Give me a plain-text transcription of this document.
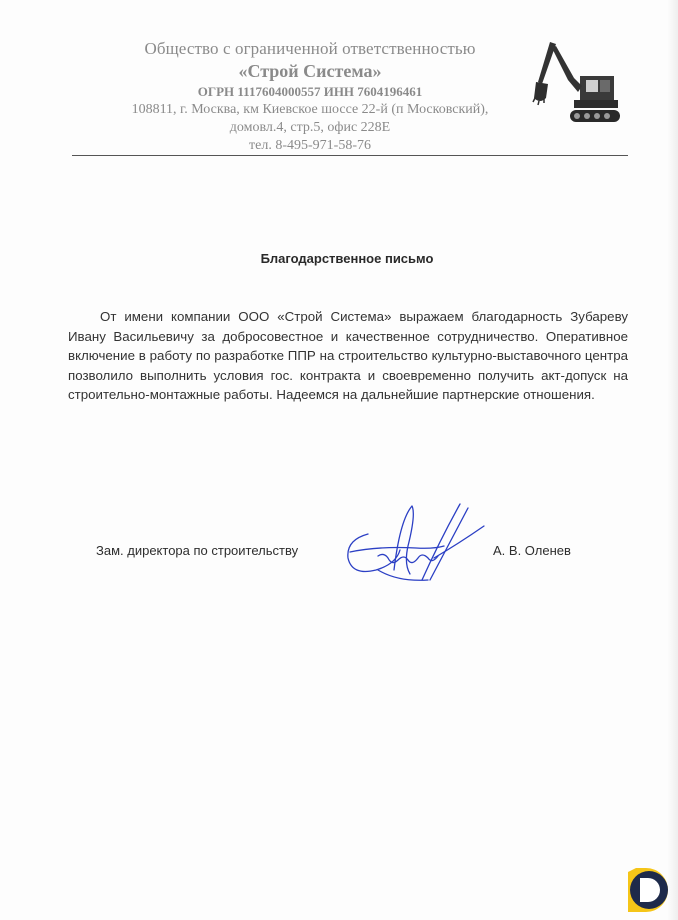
Общество с ограниченной ответственностью
«Строй Система»
ОГРН 1117604000557 ИНН 7604196461
108811, г. Москва, км Киевское шоссе 22-й (п Московский),
домовл.4, стр.5, офис 228Е
тел. 8-495-971-58-76
Благодарственное письмо

От имени компании ООО «Строй Система» выражаем благодарность Зубареву Ивану Васильевичу за добросовестное и качественное сотрудничество. Оперативное включение в работу по разработке ППР на строительство культурно-выставочного центра позволило выполнить условия гос. контракта и своевременно получить акт-допуск на строительно-монтажные работы. Надеемся на дальнейшие партнерские отношения.

Зам. директора по строительству	А. В. Оленев
